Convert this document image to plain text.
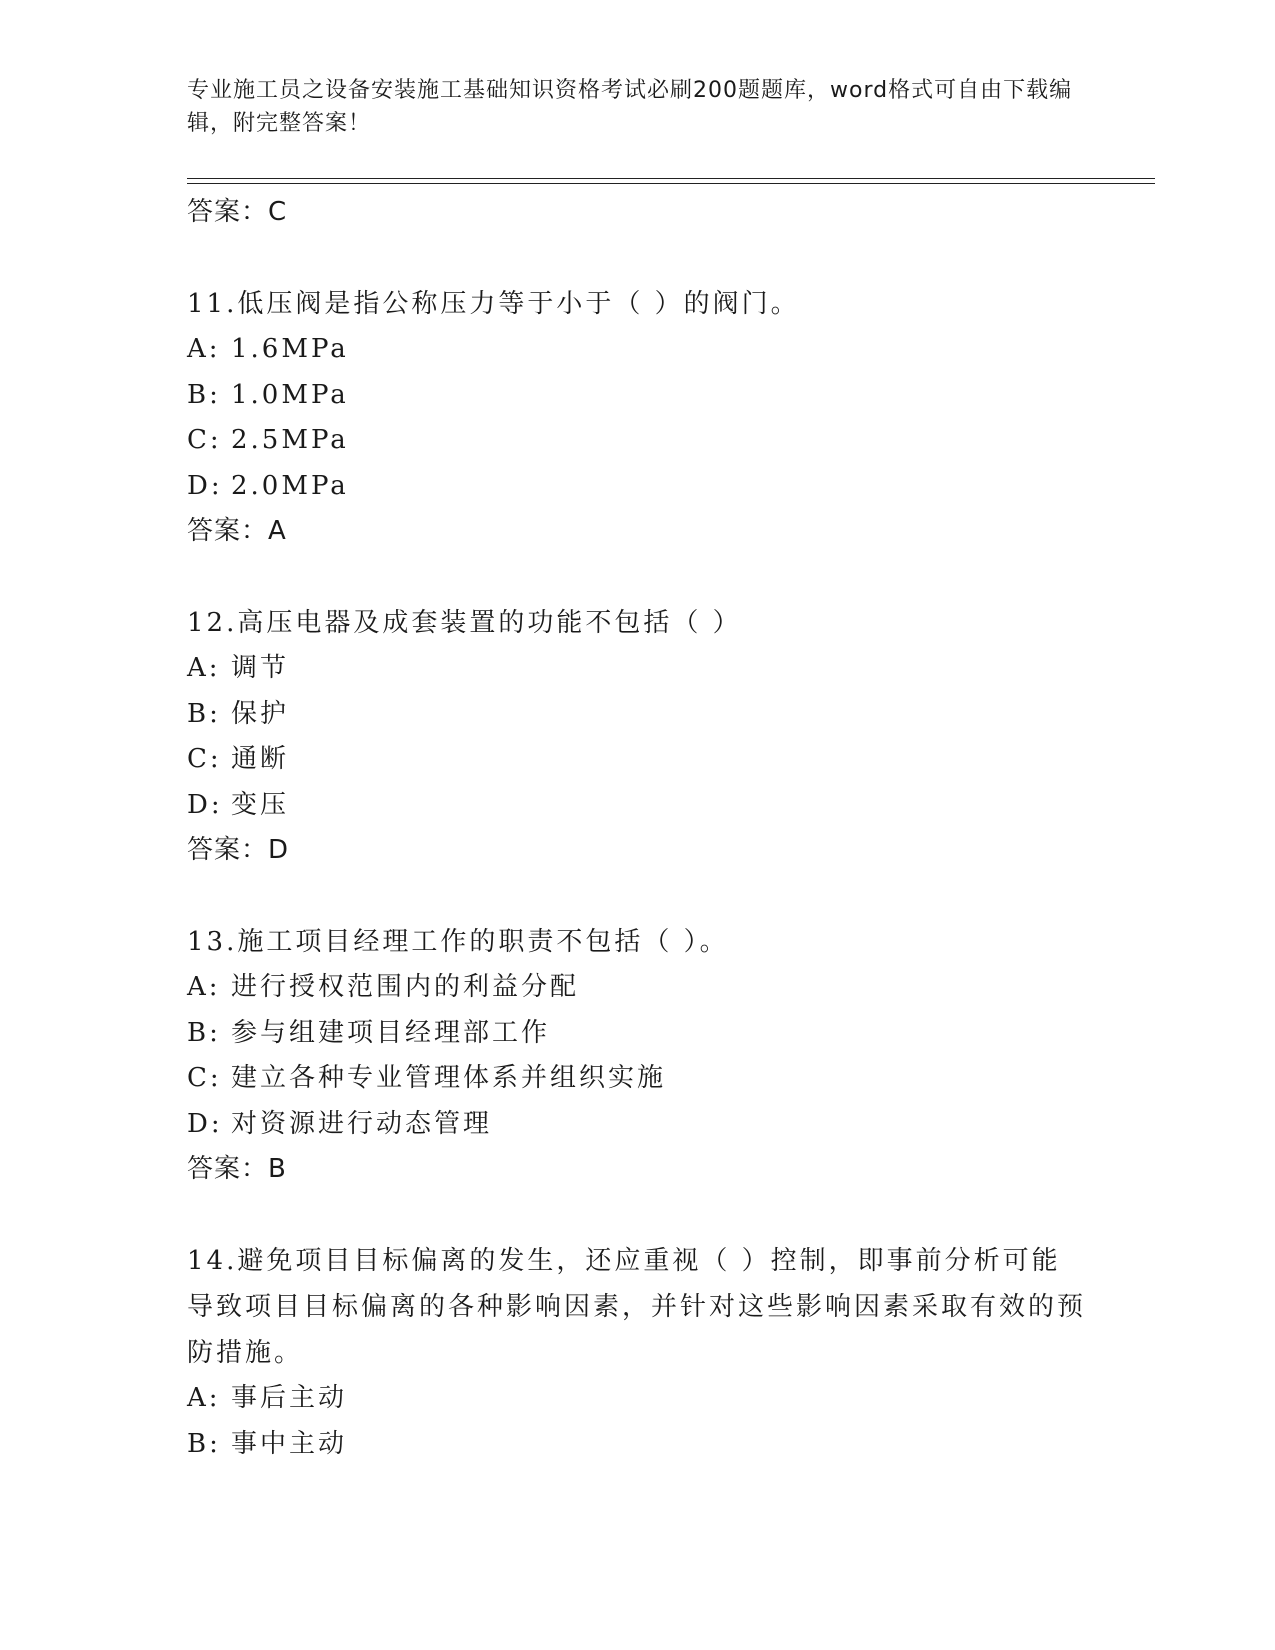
专业施工员之设备安装施工基础知识资格考试必刷200题题库，word格式可自由下载编辑，附完整答案！
答案：C
11.低压阀是指公称压力等于小于（ ）的阀门。
A: 1.6MPa
B: 1.0MPa
C: 2.5MPa
D: 2.0MPa
答案：A
12.高压电器及成套装置的功能不包括（ ）
A: 调节
B: 保护
C: 通断
D: 变压
答案：D
13.施工项目经理工作的职责不包括（ ）。
A: 进行授权范围内的利益分配
B: 参与组建项目经理部工作
C: 建立各种专业管理体系并组织实施
D: 对资源进行动态管理
答案：B
14.避免项目目标偏离的发生，还应重视（ ）控制，即事前分析可能导致项目目标偏离的各种影响因素，并针对这些影响因素采取有效的预防措施。
A: 事后主动
B: 事中主动
